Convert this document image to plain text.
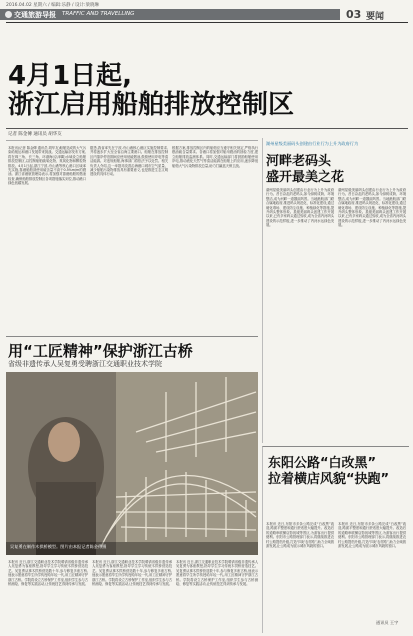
2016.04.02 星期六 / 编辑:乐静 / 设计:梁晓琳
交通旅游导报 TRAFFIC AND TRAVELLING	03 要闻
4月1日起,
浙江启用船舶排放控制区
记者 陈金傳 通讯员 胡华友
本报讯(记者 陈金傳 通讯员 胡华友)船舶造成的大气污染给航运和港口发展带来挑战。交通运输部发布方案,将在珠三角、长三角、环渤海(京津冀)水域设立船舶排放控制区,以控制船舶硫氧化物、氮氧化物和颗粒物排放。4月1日起,浙江宁波-舟山港等核心港口区域率先实施,靠港船舶须使用硫含量不高于0.5%m/m的燃油。浙江省港航管理局表示,将加强对靠港船舶的燃油检查,确保船舶排放控制区各项措施落实到位,推动港口绿色低碳发展。
据悉,我省率先在宁波-舟山港核心港区实施控制要求,并将逐步扩大至全省沿海主要港口。船舶在排放控制区内靠岸停泊期间应使用低硫燃油,鼓励使用岸电等清洁能源。对违规船舶,海事部门将依法予以处罚。相关负责人介绍,这一举措对改善沿海港口城市空气质量、减少船舶污染物排放具有重要意义,也是推进生态文明建设的具体行动。
根据方案,排放控制区内的船舶应当遵守相关规定,严格执行燃油硫含量要求。各港口将加强对船用燃油的抽检力度,建立船舶排放监测体系。同时,交通运输部门将鼓励船舶使用岸电,推动液化天然气等清洁能源在船舶上的应用,逐步降低船舶大气污染物排放总量,助力打赢蓝天保卫战。
湖州星级美丽码头创建由行业行为上升为政府行为
河畔老码头
盛开最美之花
湖州星级美丽码头创建由行业行为上升为政府行为。昔日杂乱的老码头,如今绿树成荫、环境整洁,成为河畔一道靓丽风景。当地港航部门联合属地政府,推进码头规范化、标准化建设,通过硬化堆场、建设防尘设施、种植绿化等措施,提升码头整体形象。星级美丽码头创建工作开展以来,已有多家码头通过验收,成为全省内河码头建设的示范样板,进一步推动了内河水运绿色发展。
湖州星级美丽码头创建由行业行为上升为政府行为。昔日杂乱的老码头,如今绿树成荫、环境整洁,成为河畔一道靓丽风景。当地港航部门联合属地政府,推进码头规范化、标准化建设,通过硬化堆场、建设防尘设施、种植绿化等措施,提升码头整体形象。星级美丽码头创建工作开展以来,已有多家码头通过验收,成为全省内河码头建设的示范样板,进一步推动了内河水运绿色发展。
用“工匠精神”保护浙江古桥
省级非遗传承人吴复勇受聘浙江交通职业技术学院
吴复勇在制作木拱桥模型。图片由本报记者陈金傳摄
本报讯 近日,浙江交通职业技术学院聘请省级非遗传承人吴复勇为客座教授,指导学生学习传统木拱桥营造技艺。吴复勇从事木拱桥营造数十年,参与修复多座古桥,他表示愿意将毕生所学传授给年轻一代,用工匠精神守护浙江古桥。学院将设立古桥保护工作室,组织学生参与古桥测绘、修复等实践活动,让传统技艺得到传承与发展。
本报讯 近日,浙江交通职业技术学院聘请省级非遗传承人吴复勇为客座教授,指导学生学习传统木拱桥营造技艺。吴复勇从事木拱桥营造数十年,参与修复多座古桥,他表示愿意将毕生所学传授给年轻一代,用工匠精神守护浙江古桥。学院将设立古桥保护工作室,组织学生参与古桥测绘、修复等实践活动,让传统技艺得到传承与发展。
本报讯 近日,浙江交通职业技术学院聘请省级非遗传承人吴复勇为客座教授,指导学生学习传统木拱桥营造技艺。吴复勇从事木拱桥营造数十年,参与修复多座古桥,他表示愿意将毕生所学传授给年轻一代,用工匠精神守护浙江古桥。学院将设立古桥保护工作室,组织学生参与古桥测绘、修复等实践活动,让传统技艺得到传承与发展。
东阳公路“白改黑”
拉着横店风貌“抉跑”
本报讯 近日,东阳市多条公路完成“白改黑”改造,路面平整度和通行舒适度大幅提升。改造后的道路串联横店影视城等景区,为游客出行提供便利。东阳市公路管理部门表示,将继续推进农村公路提档升级,打造“四好农村路”,助力全域旅游发展,让公路成为展示城市风貌的窗口。
本报讯 近日,东阳市多条公路完成“白改黑”改造,路面平整度和通行舒适度大幅提升。改造后的道路串联横店影视城等景区,为游客出行提供便利。东阳市公路管理部门表示,将继续推进农村公路提档升级,打造“四好农村路”,助力全域旅游发展,让公路成为展示城市风貌的窗口。
通讯员 王宇
